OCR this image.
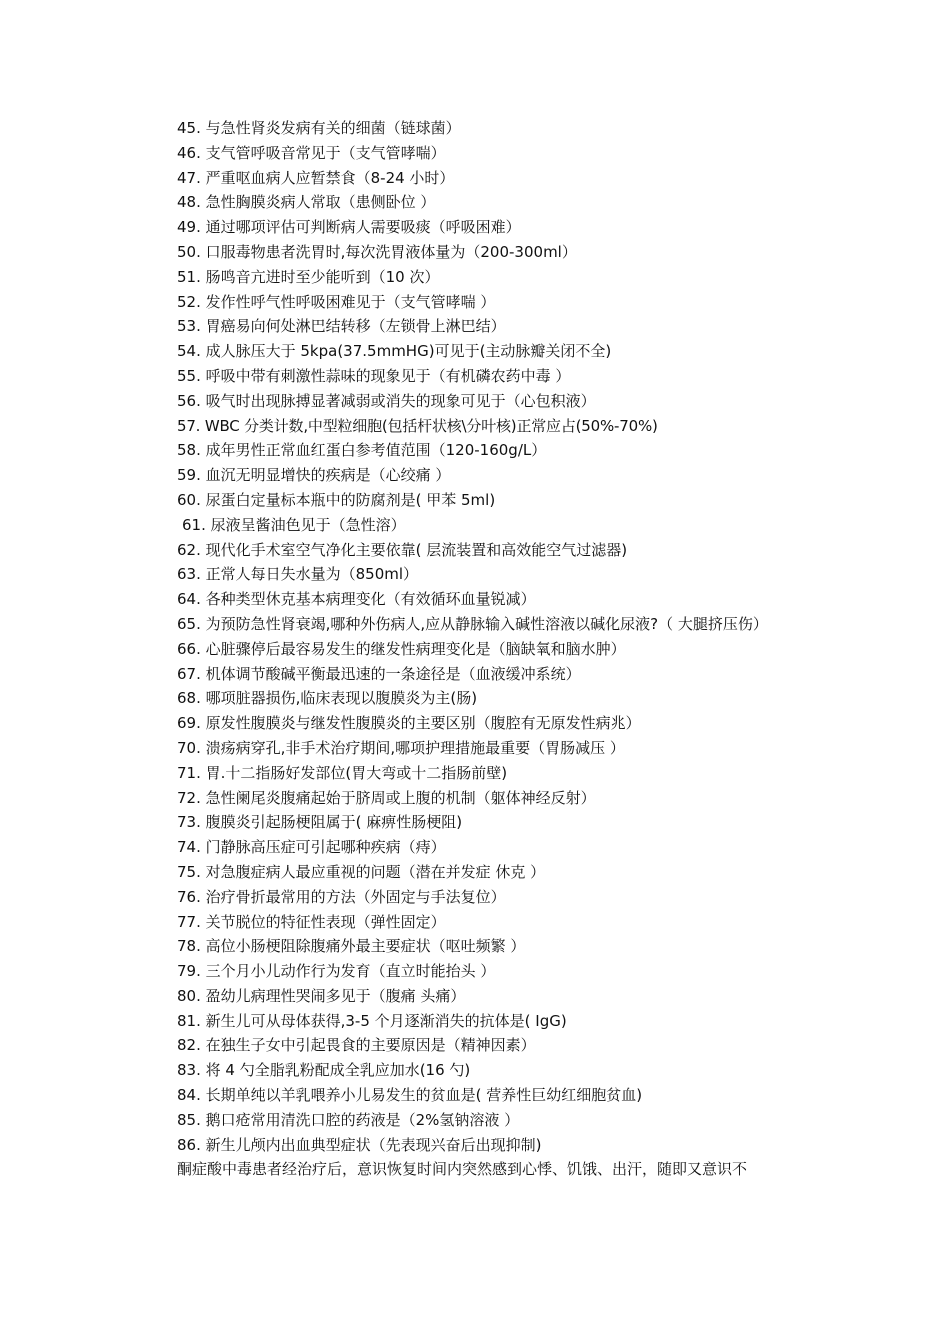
45. 与急性肾炎发病有关的细菌（链球菌）
46. 支气管呼吸音常见于（支气管哮喘）
47. 严重呕血病人应暂禁食（8-24 小时）
48. 急性胸膜炎病人常取（患侧卧位 ）
49. 通过哪项评估可判断病人需要吸痰（呼吸困难）
50. 口服毒物患者洗胃时,每次洗胃液体量为（200-300ml）
51. 肠鸣音亢进时至少能听到（10 次）
52. 发作性呼气性呼吸困难见于（支气管哮喘 ）
53. 胃癌易向何处淋巴结转移（左锁骨上淋巴结）
54. 成人脉压大于 5kpa(37.5mmHG)可见于(主动脉瓣关闭不全)
55. 呼吸中带有刺激性蒜味的现象见于（有机磷农药中毒 ）
56. 吸气时出现脉搏显著减弱或消失的现象可见于（心包积液）
57. WBC 分类计数,中型粒细胞(包括杆状核\分叶核)正常应占(50%-70%)
58. 成年男性正常血红蛋白参考值范围（120-160g/L）
59. 血沉无明显增快的疾病是（心绞痛 ）
60. 尿蛋白定量标本瓶中的防腐剂是( 甲苯 5ml)
61. 尿液呈酱油色见于（急性溶）
62. 现代化手术室空气净化主要依靠( 层流装置和高效能空气过滤器)
63. 正常人每日失水量为（850ml）
64. 各种类型休克基本病理变化（有效循环血量锐减）
65. 为预防急性肾衰竭,哪种外伤病人,应从静脉输入碱性溶液以碱化尿液?（ 大腿挤压伤）
66. 心脏骤停后最容易发生的继发性病理变化是（脑缺氧和脑水肿）
67. 机体调节酸碱平衡最迅速的一条途径是（血液缓冲系统）
68. 哪项脏器损伤,临床表现以腹膜炎为主(肠)
69. 原发性腹膜炎与继发性腹膜炎的主要区别（腹腔有无原发性病兆）
70. 溃疡病穿孔,非手术治疗期间,哪项护理措施最重要（胃肠减压 ）
71. 胃.十二指肠好发部位(胃大弯或十二指肠前壁)
72. 急性阑尾炎腹痛起始于脐周或上腹的机制（躯体神经反射）
73. 腹膜炎引起肠梗阻属于( 麻痹性肠梗阻)
74. 门静脉高压症可引起哪种疾病（痔）
75. 对急腹症病人最应重视的问题（潜在并发症 休克 ）
76. 治疗骨折最常用的方法（外固定与手法复位）
77. 关节脱位的特征性表现（弹性固定）
78. 高位小肠梗阻除腹痛外最主要症状（呕吐频繁 ）
79. 三个月小儿动作行为发育（直立时能抬头 ）
80. 盈幼儿病理性哭闹多见于（腹痛 头痛）
81. 新生儿可从母体获得,3-5 个月逐渐消失的抗体是( IgG)
82. 在独生子女中引起畏食的主要原因是（精神因素）
83. 将 4 勺全脂乳粉配成全乳应加水(16 勺)
84. 长期单纯以羊乳喂养小儿易发生的贫血是( 营养性巨幼红细胞贫血)
85. 鹅口疮常用清洗口腔的药液是（2%氢钠溶液 ）
86. 新生儿颅内出血典型症状（先表现兴奋后出现抑制)
酮症酸中毒患者经治疗后，意识恢复时间内突然感到心悸、饥饿、出汗，随即又意识不
